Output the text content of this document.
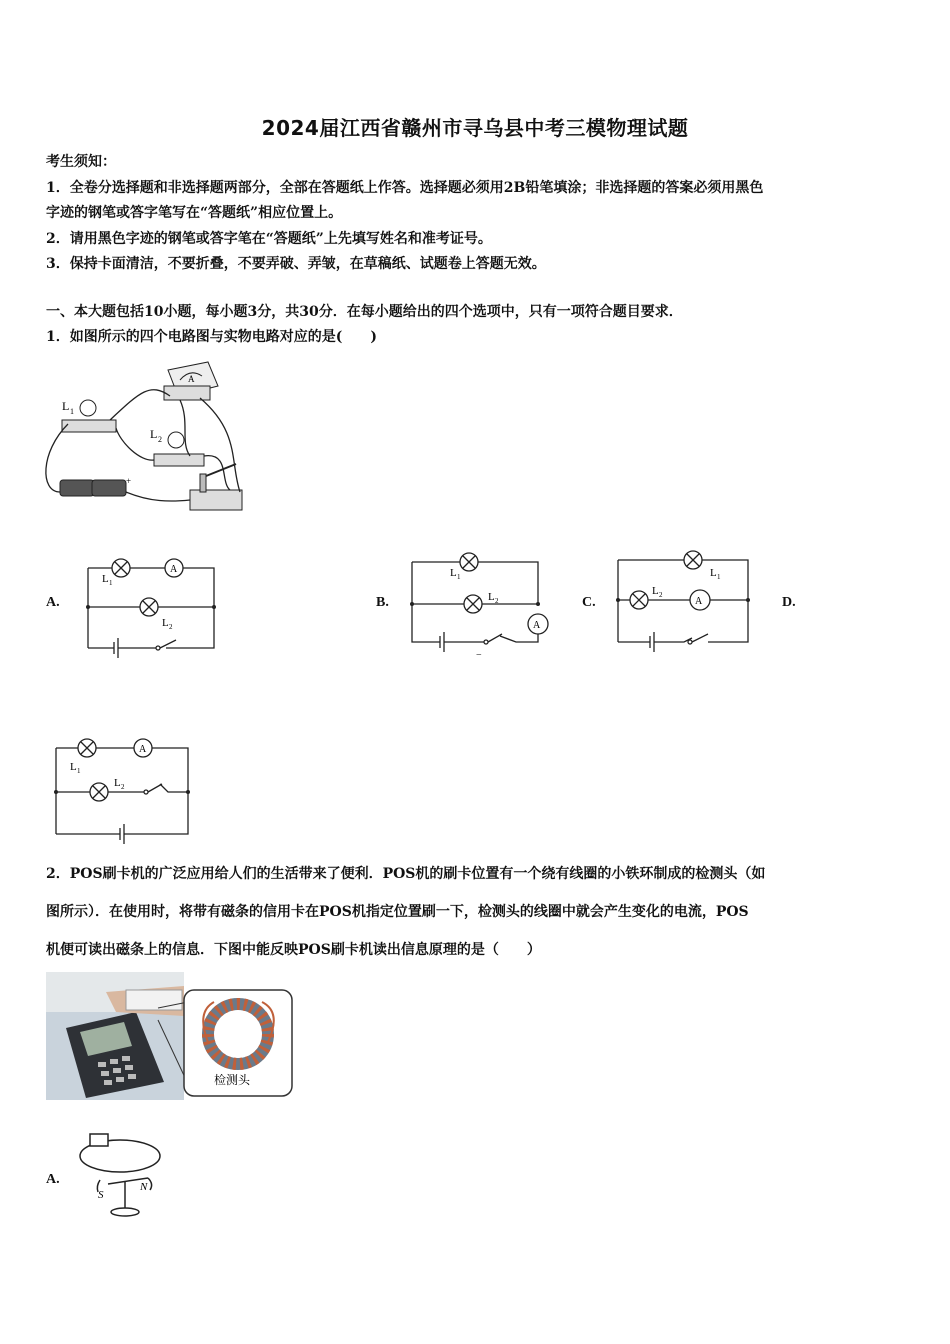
2024届江西省赣州市寻乌县中考三模物理试题
考生须知：
1．全卷分选择题和非选择题两部分，全部在答题纸上作答。选择题必须用2B铅笔填涂；非选择题的答案必须用黑色
字迹的钢笔或答字笔写在“答题纸”相应位置上。
2．请用黑色字迹的钢笔或答字笔在“答题纸”上先填写姓名和准考证号。
3．保持卡面清洁，不要折叠，不要弄破、弄皱，在草稿纸、试题卷上答题无效。
一、本大题包括10小题，每小题3分，共30分．在每小题给出的四个选项中，只有一项符合题目要求．
1．如图所示的四个电路图与实物电路对应的是(　　)
A
L 1
L 2
+
A.
A
L 1
L 2
B.
A
L 1
L 2
−
C.	A
L 1
L 2	D.
A
L 1
L 2
2．POS刷卡机的广泛应用给人们的生活带来了便利．POS机的刷卡位置有一个绕有线圈的小铁环制成的检测头（如
图所示）．在使用时，将带有磁条的信用卡在POS机指定位置刷一下，检测头的线圈中就会产生变化的电流，POS
机便可读出磁条上的信息．下图中能反映POS刷卡机读出信息原理的是（　　）
检测头
A.
S
N
